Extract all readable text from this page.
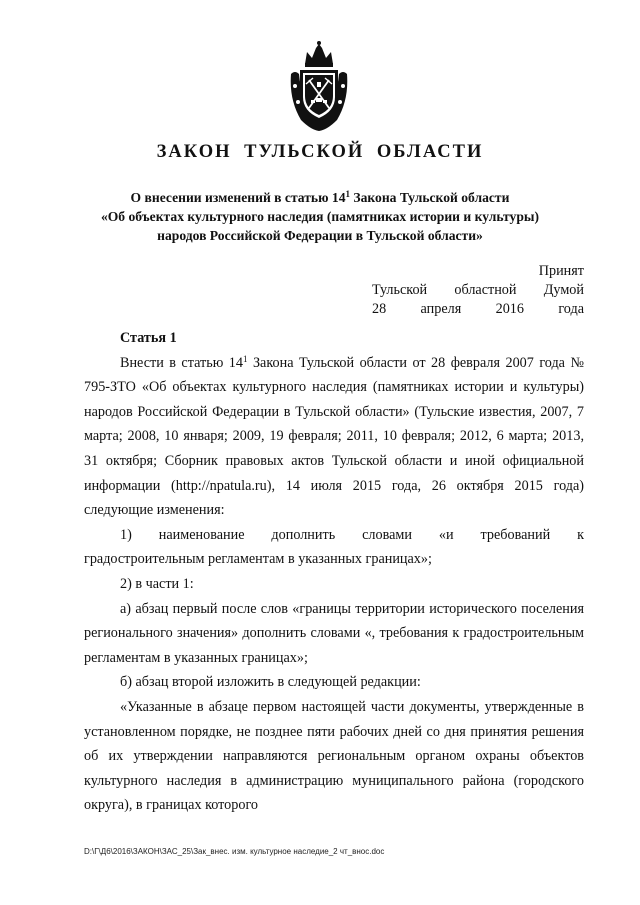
ЗАКОН ТУЛЬСКОЙ ОБЛАСТИ
О внесении изменений в статью $14^1$ Закона Тульской области
«Об объектах культурного наследия (памятниках истории и культуры)
народов Российской Федерации в Тульской области»
Принят
Тульской областной Думой
28 апреля 2016 года

Статья 1

Внести в статью $14^1$ Закона Тульской области от 28 февраля 2007 года № 795-ЗТО «Об объектах культурного наследия (памятниках истории и культуры) народов Российской Федерации в Тульской области» (Тульские известия, 2007, 7 марта; 2008, 10 января; 2009, 19 февраля; 2011, 10 февраля; 2012, 6 марта; 2013, 31 октября; Сборник правовых актов Тульской области и иной официальной информации (http://npatula.ru), 14 июля 2015 года, 26 октября 2015 года) следующие изменения:

1) наименование дополнить словами «и требований к

градостроительным регламентам в указанных границах»;

2) в части 1:

а) абзац первый после слов «границы территории исторического поселения регионального значения» дополнить словами «, требования к градостроительным регламентам в указанных границах»;

б) абзац второй изложить в следующей редакции:

«Указанные в абзаце первом настоящей части документы, утвержденные в установленном порядке, не позднее пяти рабочих дней со дня принятия решения об их утверждении направляются региональным органом охраны объектов культурного наследия в администрацию муниципального района (городского округа), в границах которого

D:\Г\Д6\2016\ЗАКОН\ЗАС_25\Зак_внес. изм. культурное наследие_2 чт_внос.doc
